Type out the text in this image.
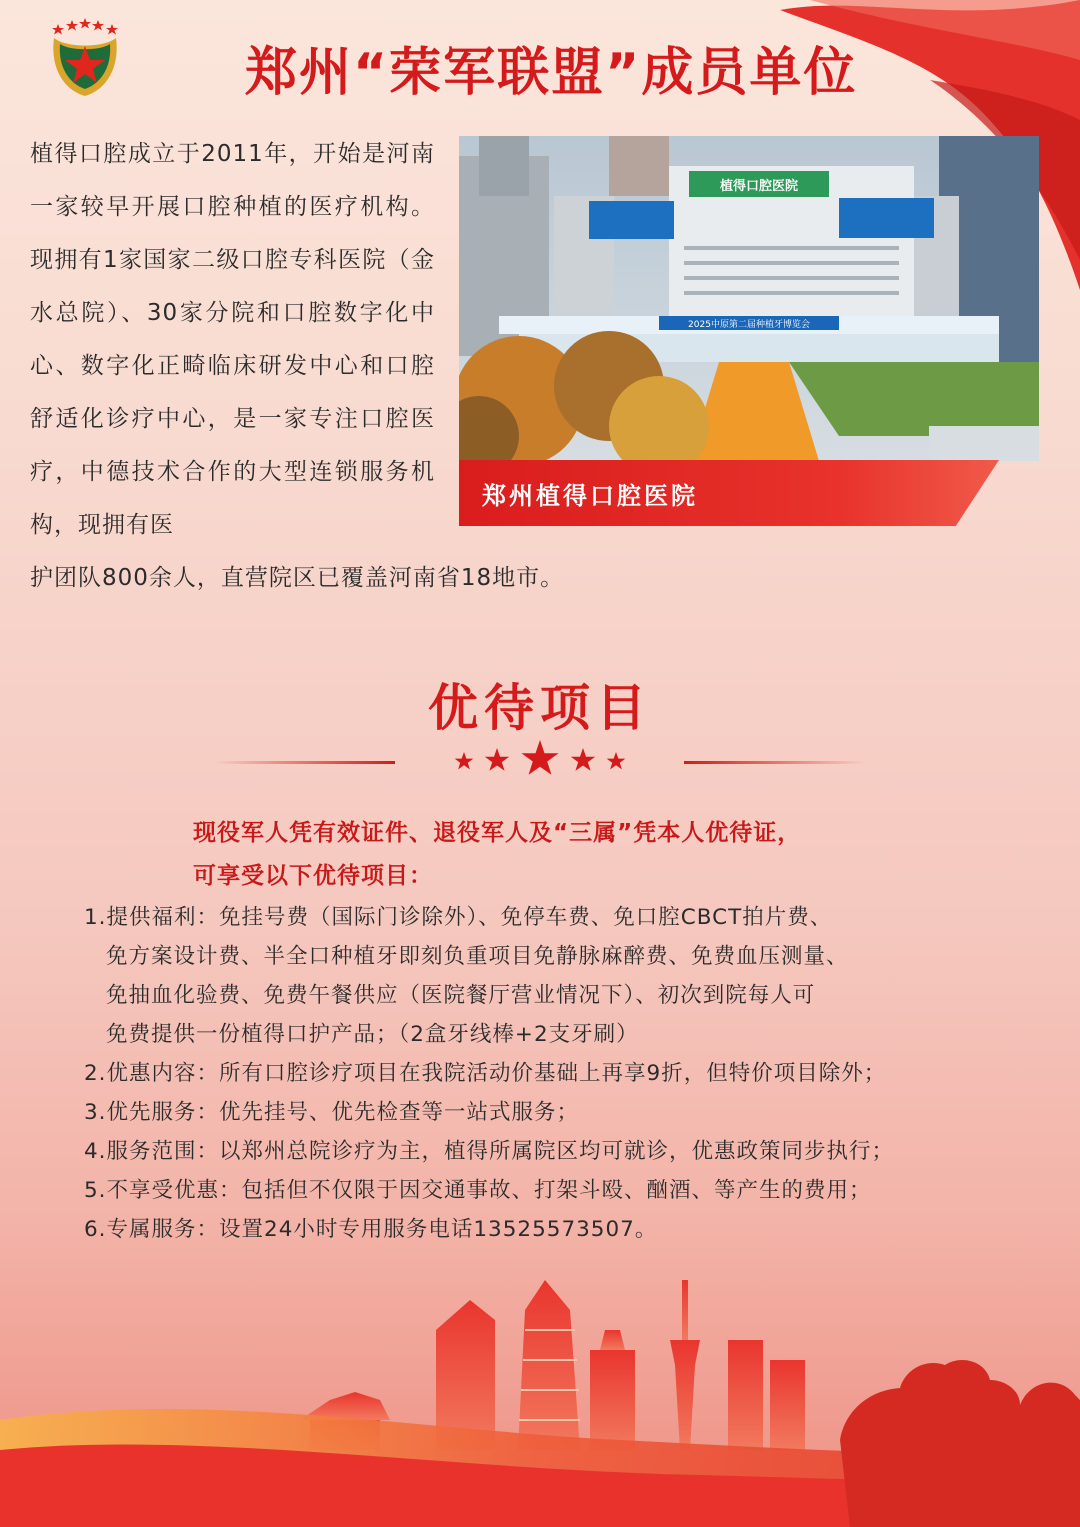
郑州“荣军联盟”成员单位
植得口腔成立于2011年，开始是河南一家较早开展口腔种植的医疗机构。现拥有1家国家二级口腔专科医院（金水总院）、30家分院和口腔数字化中心、数字化正畸临床研发中心和口腔舒适化诊疗中心，是一家专注口腔医疗，中德技术合作的大型连锁服务机构，现拥有医
护团队800余人，直营院区已覆盖河南省18地市。
植得口腔医院
2025中原第二届种植牙博览会
郑州植得口腔医院
优待项目
现役军人凭有效证件、退役军人及“三属”凭本人优待证，
可享受以下优待项目：
1.提供福利：免挂号费（国际门诊除外）、免停车费、免口腔CBCT拍片费、
免方案设计费、半全口种植牙即刻负重项目免静脉麻醉费、免费血压测量、
免抽血化验费、免费午餐供应（医院餐厅营业情况下）、初次到院每人可
免费提供一份植得口护产品；（2盒牙线棒+2支牙刷）
2.优惠内容：所有口腔诊疗项目在我院活动价基础上再享9折，但特价项目除外；
3.优先服务：优先挂号、优先检查等一站式服务；
4.服务范围：以郑州总院诊疗为主，植得所属院区均可就诊，优惠政策同步执行；
5.不享受优惠：包括但不仅限于因交通事故、打架斗殴、酗酒、等产生的费用；
6.专属服务：设置24小时专用服务电话13525573507。
